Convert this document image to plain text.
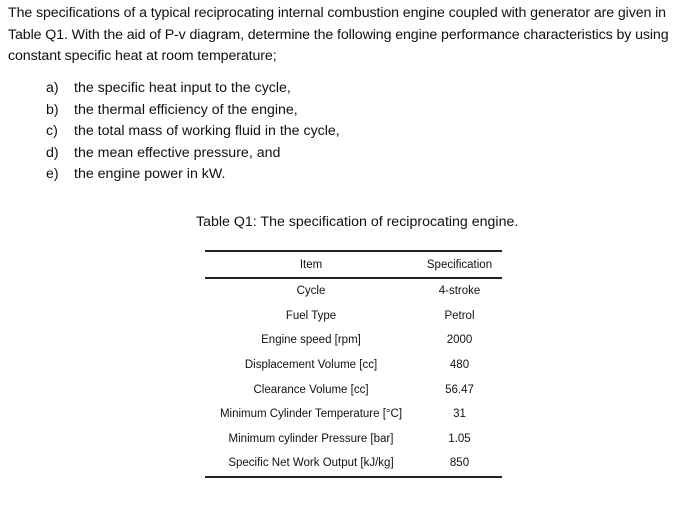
The specifications of a typical reciprocating internal combustion engine coupled with generator are given in Table Q1. With the aid of P-v diagram, determine the following engine performance characteristics by using constant specific heat at room temperature;

a)	the specific heat input to the cycle,
b)	the thermal efficiency of the engine,
c)	the total mass of working fluid in the cycle,
d)	the mean effective pressure, and
e)	the engine power in kW.

Table Q1: The specification of reciprocating engine.

Item	Specification
Cycle	4-stroke
Fuel Type	Petrol
Engine speed [rpm]	2000
Displacement Volume [cc]	480
Clearance Volume [cc]	56.47
Minimum Cylinder Temperature [°C]	31
Minimum cylinder Pressure [bar]	1.05
Specific Net Work Output [kJ/kg]	850
